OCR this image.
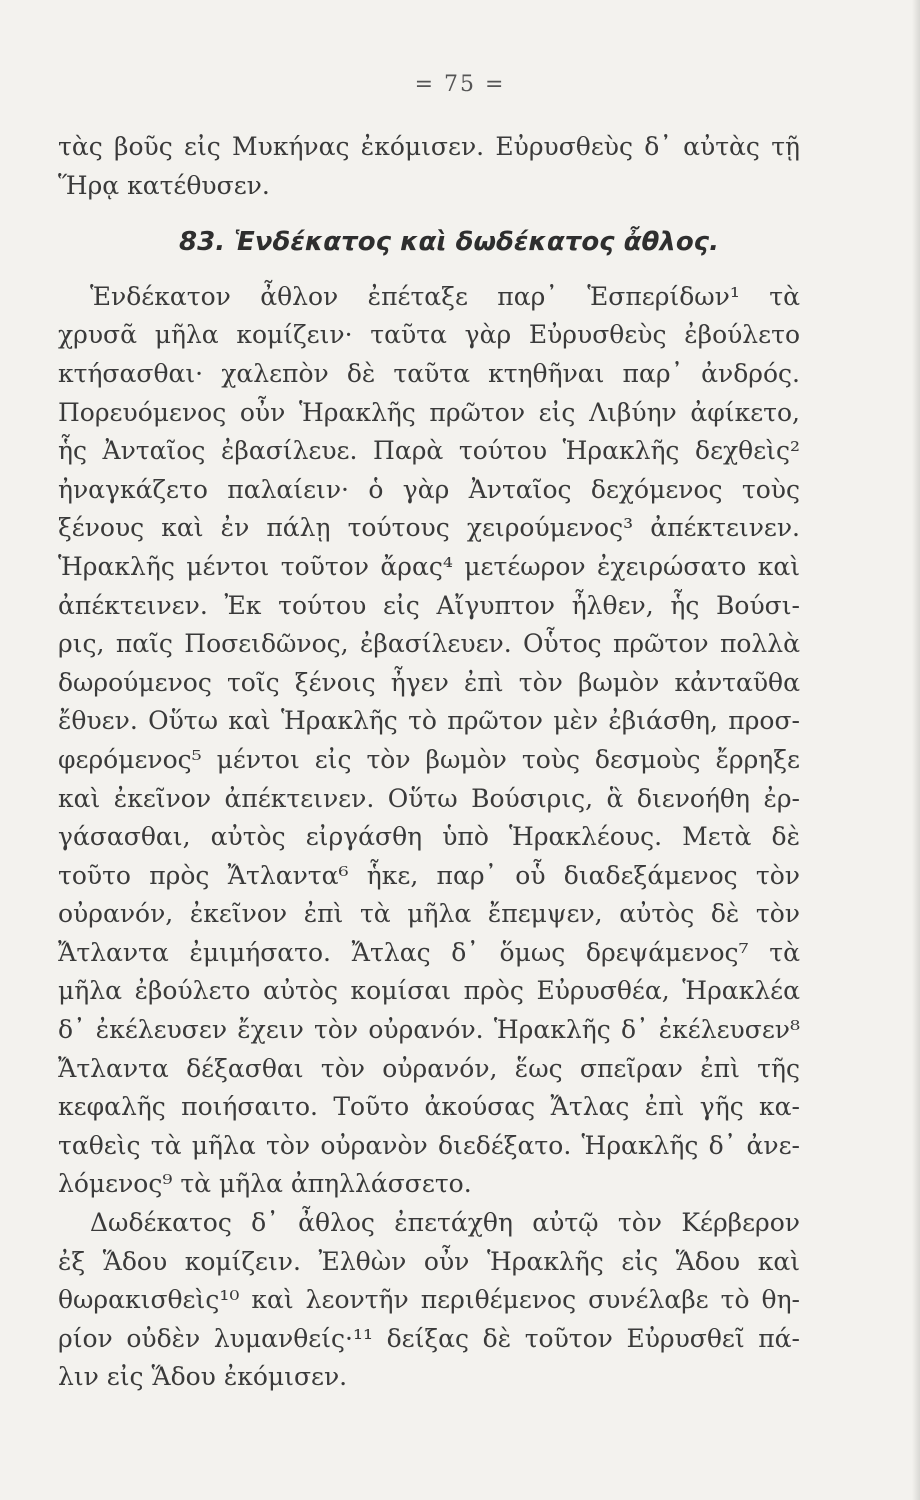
= 75 =
τὰς βοῦς εἰς Μυκήνας ἐκόμισεν. Εὐρυσθεὺς δ᾿ αὐτὰς τῇ
Ἥρᾳ κατέθυσεν.
83. Ἑνδέκατος καὶ δωδέκατος ἆθλος.
Ἑνδέκατον ἆθλον ἐπέταξε παρ᾿ Ἑσπερίδων¹ τὰ
χρυσᾶ μῆλα κομίζειν· ταῦτα γὰρ Εὐρυσθεὺς ἐβούλετο
κτήσασθαι· χαλεπὸν δὲ ταῦτα κτηθῆναι παρ᾿ ἀνδρός.
Πορευόμενος οὖν Ἡρακλῆς πρῶτον εἰς Λιβύην ἀφίκετο,
ἧς Ἀνταῖος ἐβασίλευε. Παρὰ τούτου Ἡρακλῆς δεχθεὶς²
ἠναγκάζετο παλαίειν· ὁ γὰρ Ἀνταῖος δεχόμενος τοὺς
ξένους καὶ ἐν πάλῃ τούτους χειρούμενος³ ἀπέκτεινεν.
Ἡρακλῆς μέντοι τοῦτον ἄρας⁴ μετέωρον ἐχειρώσατο καὶ
ἀπέκτεινεν. Ἐκ τούτου εἰς Αἴγυπτον ἦλθεν, ἧς Βούσι-
ρις, παῖς Ποσειδῶνος, ἐβασίλευεν. Οὗτος πρῶτον πολλὰ
δωρούμενος τοῖς ξένοις ἦγεν ἐπὶ τὸν βωμὸν κἀνταῦθα
ἔθυεν. Οὕτω καὶ Ἡρακλῆς τὸ πρῶτον μὲν ἐβιάσθη, προσ-
φερόμενος⁵ μέντοι εἰς τὸν βωμὸν τοὺς δεσμοὺς ἔρρηξε
καὶ ἐκεῖνον ἀπέκτεινεν. Οὕτω Βούσιρις, ἃ διενοήθη ἐρ-
γάσασθαι, αὐτὸς εἰργάσθη ὑπὸ Ἡρακλέους. Μετὰ δὲ
τοῦτο πρὸς Ἄτλαντα⁶ ἧκε, παρ᾿ οὗ διαδεξάμενος τὸν
οὐρανόν, ἐκεῖνον ἐπὶ τὰ μῆλα ἔπεμψεν, αὐτὸς δὲ τὸν
Ἄτλαντα ἐμιμήσατο. Ἄτλας δ᾿ ὅμως δρεψάμενος⁷ τὰ
μῆλα ἐβούλετο αὐτὸς κομίσαι πρὸς Εὐρυσθέα, Ἡρακλέα
δ᾿ ἐκέλευσεν ἔχειν τὸν οὐρανόν. Ἡρακλῆς δ᾿ ἐκέλευσεν⁸
Ἄτλαντα δέξασθαι τὸν οὐρανόν, ἕως σπεῖραν ἐπὶ τῆς
κεφαλῆς ποιήσαιτο. Τοῦτο ἀκούσας Ἄτλας ἐπὶ γῆς κα-
ταθεὶς τὰ μῆλα τὸν οὐρανὸν διεδέξατο. Ἡρακλῆς δ᾿ ἀνε-
λόμενος⁹ τὰ μῆλα ἀπηλλάσσετο.
Δωδέκατος δ᾿ ἆθλος ἐπετάχθη αὐτῷ τὸν Κέρβερον
ἐξ Ἅδου κομίζειν. Ἐλθὼν οὖν Ἡρακλῆς εἰς Ἅδου καὶ
θωρακισθεὶς¹⁰ καὶ λεοντῆν περιθέμενος συνέλαβε τὸ θη-
ρίον οὐδὲν λυμανθείς·¹¹ δείξας δὲ τοῦτον Εὐρυσθεῖ πά-
λιν εἰς Ἅδου ἐκόμισεν.
